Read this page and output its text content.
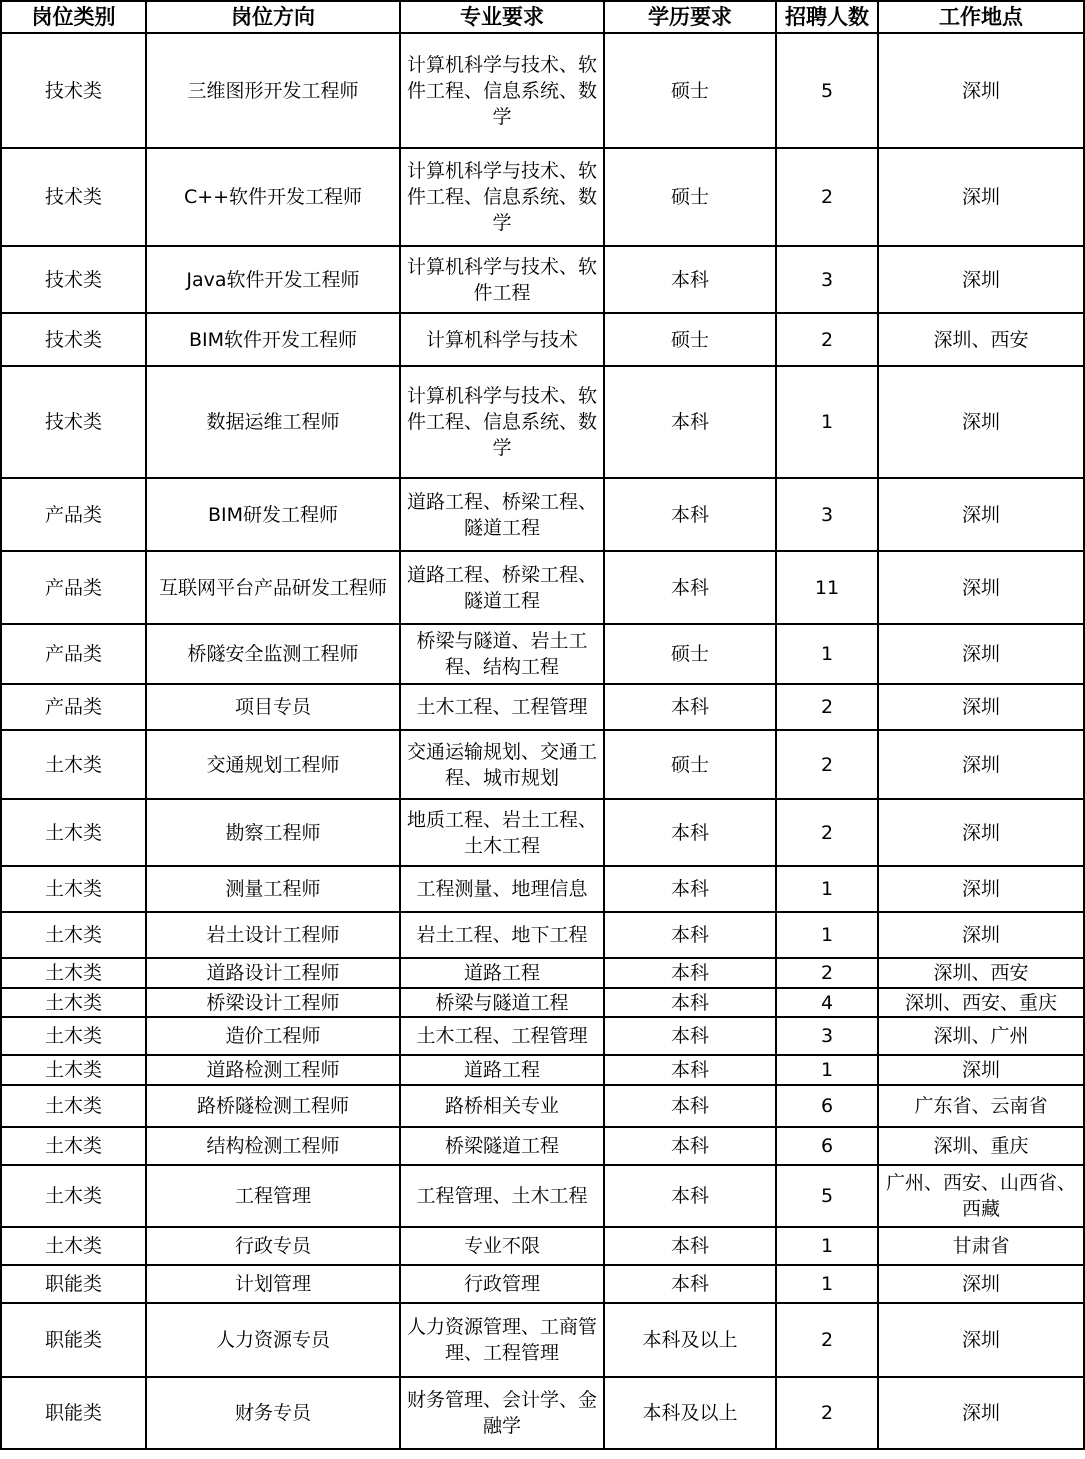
岗位类别	岗位方向	专业要求	学历要求	招聘人数	工作地点
技术类	三维图形开发工程师	计算机科学与技术、软件工程、信息系统、数学	硕士	5	深圳
技术类	C++软件开发工程师	计算机科学与技术、软件工程、信息系统、数学	硕士	2	深圳
技术类	Java软件开发工程师	计算机科学与技术、软件工程	本科	3	深圳
技术类	BIM软件开发工程师	计算机科学与技术	硕士	2	深圳、西安
技术类	数据运维工程师	计算机科学与技术、软件工程、信息系统、数学	本科	1	深圳
产品类	BIM研发工程师	道路工程、桥梁工程、隧道工程	本科	3	深圳
产品类	互联网平台产品研发工程师	道路工程、桥梁工程、隧道工程	本科	11	深圳
产品类	桥隧安全监测工程师	桥梁与隧道、岩土工程、结构工程	硕士	1	深圳
产品类	项目专员	土木工程、工程管理	本科	2	深圳
土木类	交通规划工程师	交通运输规划、交通工程、城市规划	硕士	2	深圳
土木类	勘察工程师	地质工程、岩土工程、土木工程	本科	2	深圳
土木类	测量工程师	工程测量、地理信息	本科	1	深圳
土木类	岩土设计工程师	岩土工程、地下工程	本科	1	深圳
土木类	道路设计工程师	道路工程	本科	2	深圳、西安
土木类	桥梁设计工程师	桥梁与隧道工程	本科	4	深圳、西安、重庆
土木类	造价工程师	土木工程、工程管理	本科	3	深圳、广州
土木类	道路检测工程师	道路工程	本科	1	深圳
土木类	路桥隧检测工程师	路桥相关专业	本科	6	广东省、云南省
土木类	结构检测工程师	桥梁隧道工程	本科	6	深圳、重庆
土木类	工程管理	工程管理、土木工程	本科	5	广州、西安、山西省、西藏
土木类	行政专员	专业不限	本科	1	甘肃省
职能类	计划管理	行政管理	本科	1	深圳
职能类	人力资源专员	人力资源管理、工商管理、工程管理	本科及以上	2	深圳
职能类	财务专员	财务管理、会计学、金融学	本科及以上	2	深圳
